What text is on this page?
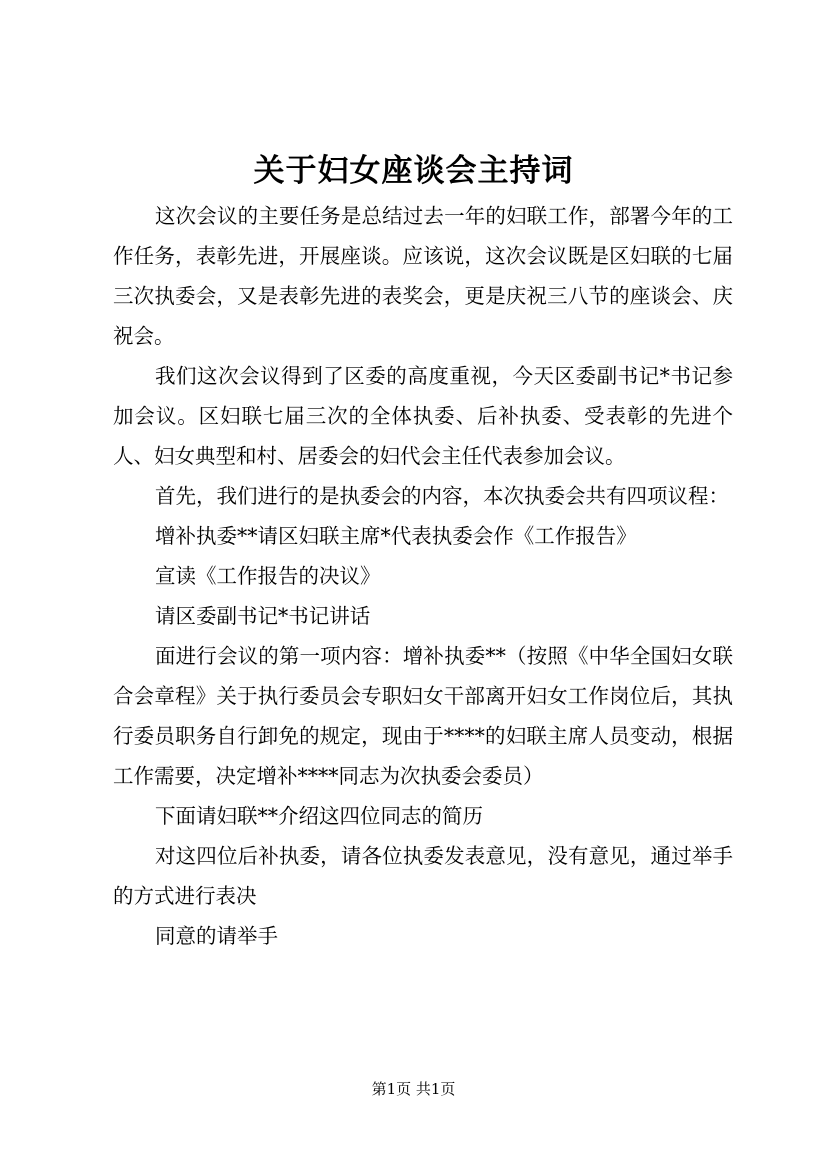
关于妇女座谈会主持词

这次会议的主要任务是总结过去一年的妇联工作，部署今年的工作任务，表彰先进，开展座谈。应该说，这次会议既是区妇联的七届三次执委会，又是表彰先进的表奖会，更是庆祝三八节的座谈会、庆祝会。

我们这次会议得到了区委的高度重视，今天区委副书记*书记参加会议。区妇联七届三次的全体执委、后补执委、受表彰的先进个人、妇女典型和村、居委会的妇代会主任代表参加会议。

首先，我们进行的是执委会的内容，本次执委会共有四项议程：

增补执委**请区妇联主席*代表执委会作《工作报告》

宣读《工作报告的决议》

请区委副书记*书记讲话

面进行会议的第一项内容：增补执委**（按照《中华全国妇女联合会章程》关于执行委员会专职妇女干部离开妇女工作岗位后，其执行委员职务自行卸免的规定，现由于****的妇联主席人员变动，根据工作需要，决定增补****同志为次执委会委员）

下面请妇联**介绍这四位同志的简历

对这四位后补执委，请各位执委发表意见，没有意见，通过举手的方式进行表决

同意的请举手

第1页 共1页
